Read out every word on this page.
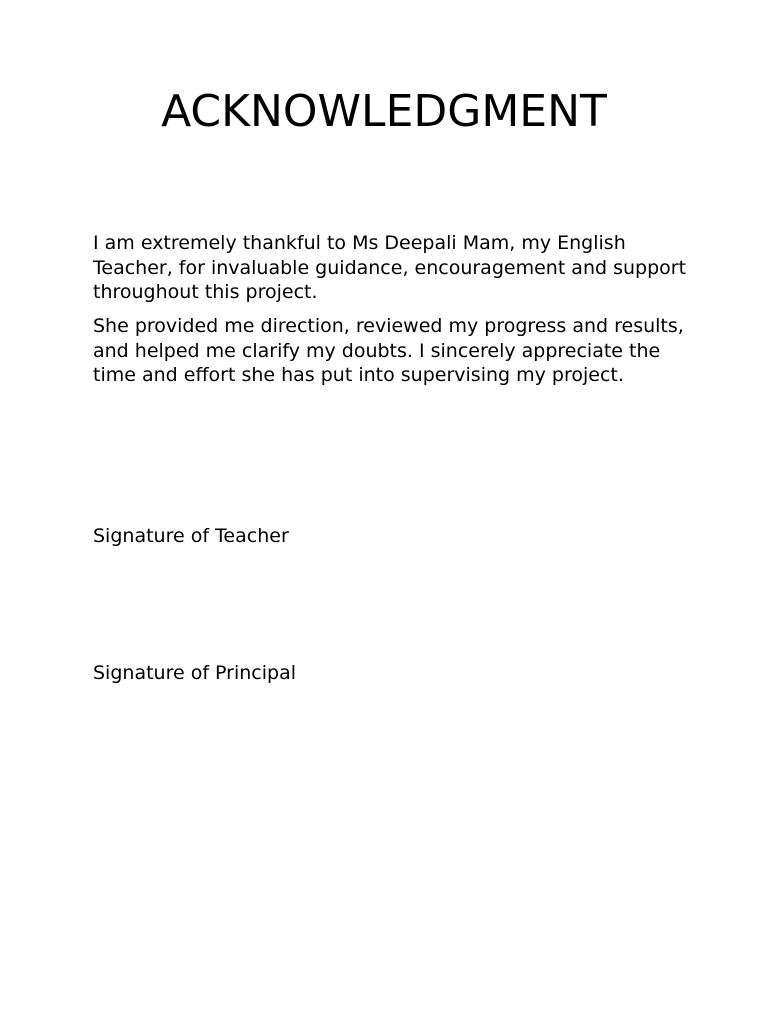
ACKNOWLEDGMENT

I am extremely thankful to Ms Deepali Mam, my English Teacher, for invaluable guidance, encouragement and support throughout this project.

She provided me direction, reviewed my progress and results, and helped me clarify my doubts. I sincerely appreciate the time and effort she has put into supervising my project.

Signature of Teacher

Signature of Principal
